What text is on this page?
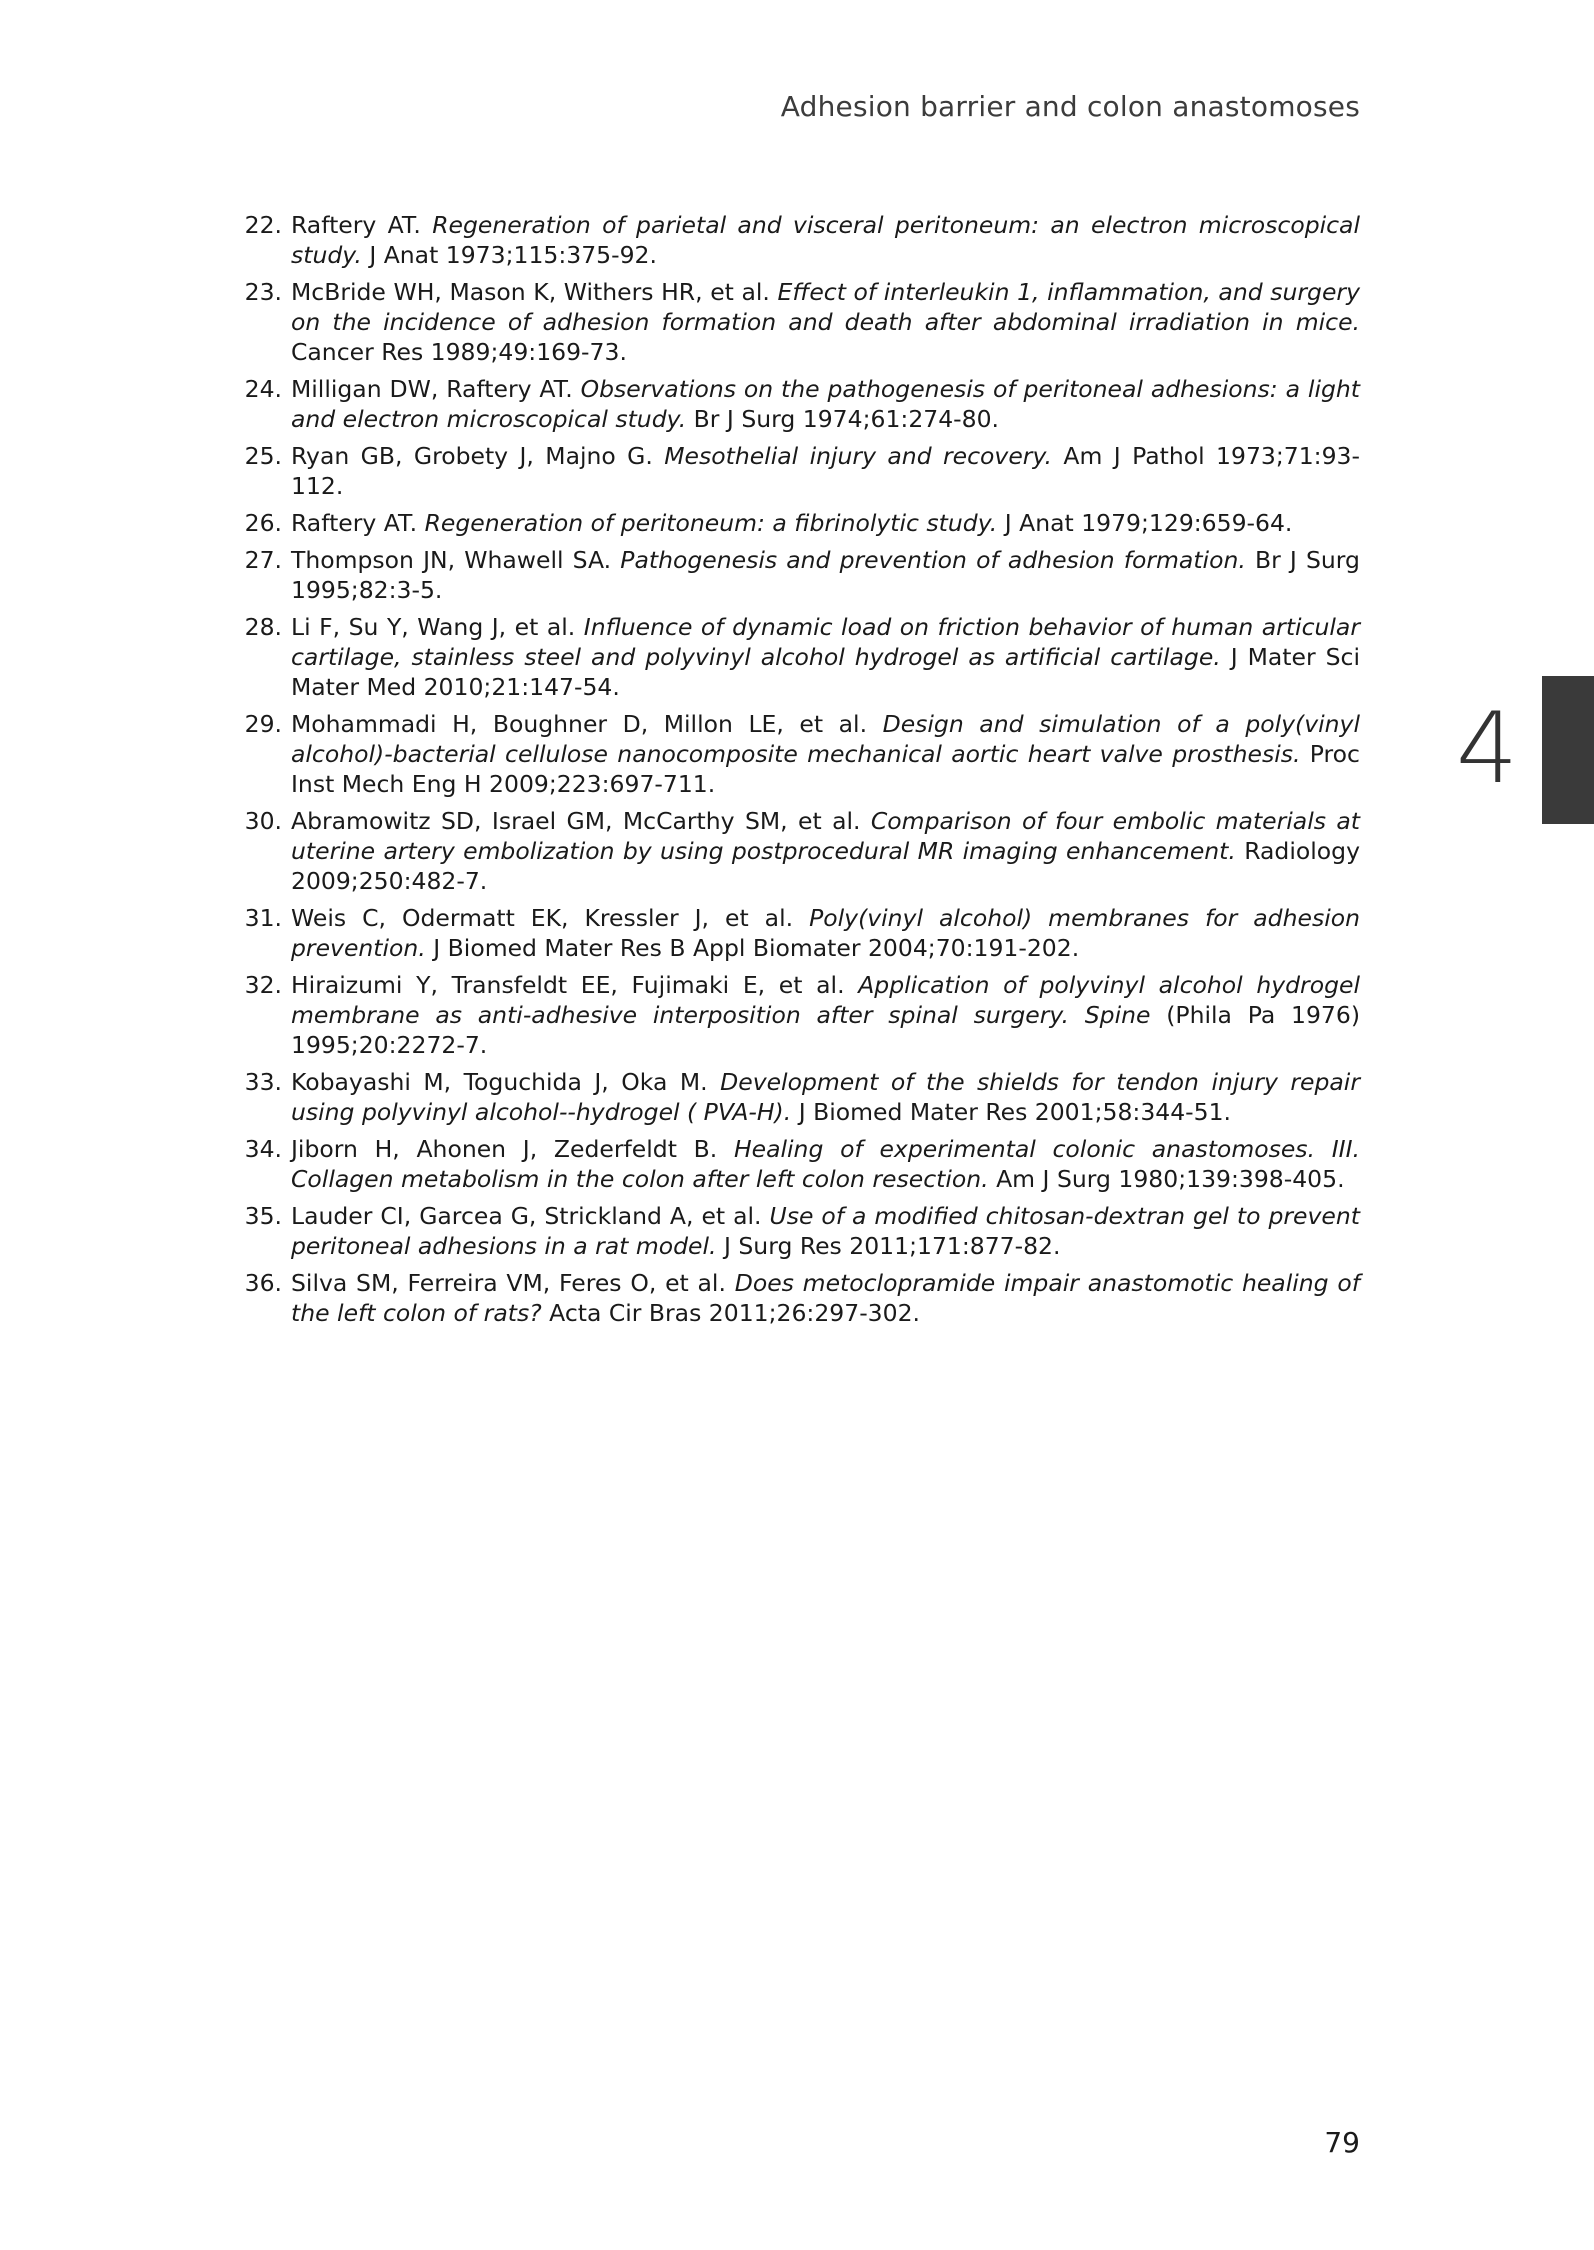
Adhesion barrier and colon anastomoses
4
22. Raftery AT. Regeneration of parietal and visceral peritoneum: an electron microscopical study. J Anat 1973;115:375-92.
23. McBride WH, Mason K, Withers HR, et al. Effect of interleukin 1, inflammation, and surgery on the incidence of adhesion formation and death after abdominal irradiation in mice. Cancer Res 1989;49:169-73.
24. Milligan DW, Raftery AT. Observations on the pathogenesis of peritoneal adhesions: a light and electron microscopical study. Br J Surg 1974;61:274-80.
25. Ryan GB, Grobety J, Majno G. Mesothelial injury and recovery. Am J Pathol 1973;71:93-112.
26. Raftery AT. Regeneration of peritoneum: a fibrinolytic study. J Anat 1979;129:659-64.
27. Thompson JN, Whawell SA. Pathogenesis and prevention of adhesion formation. Br J Surg 1995;82:3-5.
28. Li F, Su Y, Wang J, et al. Influence of dynamic load on friction behavior of human articular cartilage, stainless steel and polyvinyl alcohol hydrogel as artificial cartilage. J Mater Sci Mater Med 2010;21:147-54.
29. Mohammadi H, Boughner D, Millon LE, et al. Design and simulation of a poly(vinyl alcohol)-bacterial cellulose nanocomposite mechanical aortic heart valve prosthesis. Proc Inst Mech Eng H 2009;223:697-711.
30. Abramowitz SD, Israel GM, McCarthy SM, et al. Comparison of four embolic materials at uterine artery embolization by using postprocedural MR imaging enhancement. Radiology 2009;250:482-7.
31. Weis C, Odermatt EK, Kressler J, et al. Poly(vinyl alcohol) membranes for adhesion prevention. J Biomed Mater Res B Appl Biomater 2004;70:191-202.
32. Hiraizumi Y, Transfeldt EE, Fujimaki E, et al. Application of polyvinyl alcohol hydrogel membrane as anti-adhesive interposition after spinal surgery. Spine (Phila Pa 1976) 1995;20:2272-7.
33. Kobayashi M, Toguchida J, Oka M. Development of the shields for tendon injury repair using polyvinyl alcohol--hydrogel ( PVA-H). J Biomed Mater Res 2001;58:344-51.
34. Jiborn H, Ahonen J, Zederfeldt B. Healing of experimental colonic anastomoses. III. Collagen metabolism in the colon after left colon resection. Am J Surg 1980;139:398-405.
35. Lauder CI, Garcea G, Strickland A, et al. Use of a modified chitosan-dextran gel to prevent peritoneal adhesions in a rat model. J Surg Res 2011;171:877-82.
36. Silva SM, Ferreira VM, Feres O, et al. Does metoclopramide impair anastomotic healing of the left colon of rats? Acta Cir Bras 2011;26:297-302.
79
